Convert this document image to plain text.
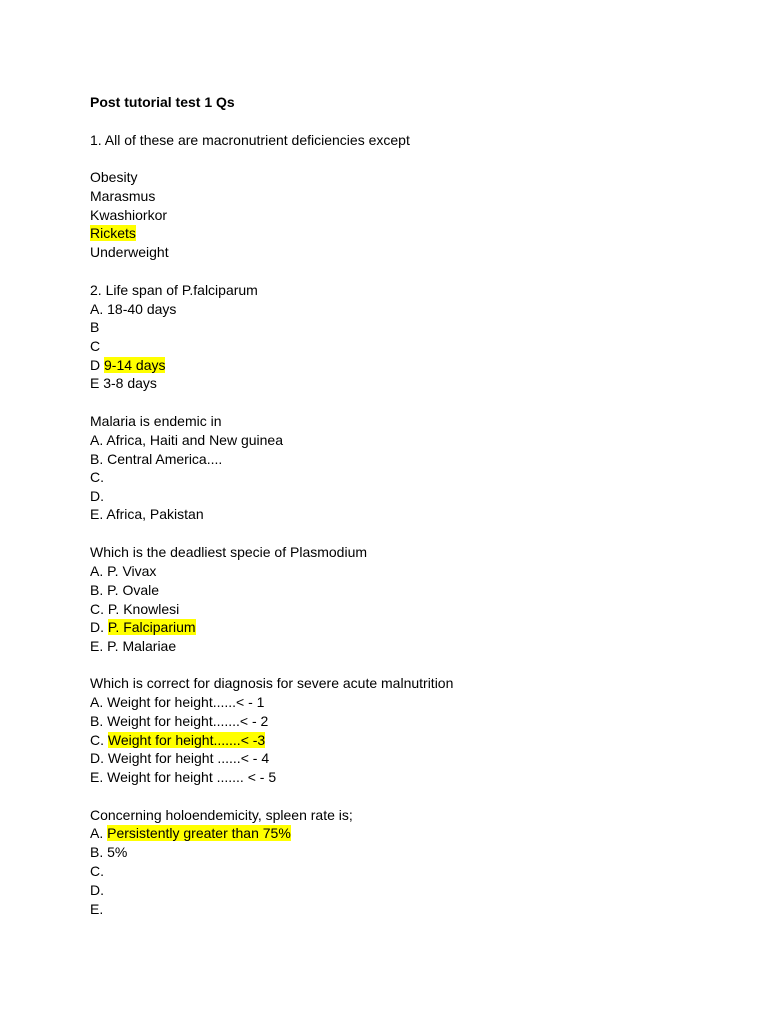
Post tutorial test 1 Qs
1. All of these are macronutrient deficiencies except
Obesity
Marasmus
Kwashiorkor
Rickets
Underweight
2. Life span of P.falciparum
A. 18-40 days
B
C
D 9-14 days
E 3-8 days
Malaria is endemic in
A. Africa, Haiti and New guinea
B. Central America....
C.
D.
E. Africa, Pakistan
Which is the deadliest specie of Plasmodium
A. P. Vivax
B. P. Ovale
C. P. Knowlesi
D. P. Falciparium
E. P. Malariae
Which is correct for diagnosis for severe acute malnutrition
A. Weight for height......< - 1
B. Weight for height.......< - 2
C. Weight for height.......< -3
D. Weight for height ......< - 4
E. Weight for height ....... < - 5
Concerning holoendemicity, spleen rate is;
A. Persistently greater than 75%
B. 5%
C.
D.
E.
